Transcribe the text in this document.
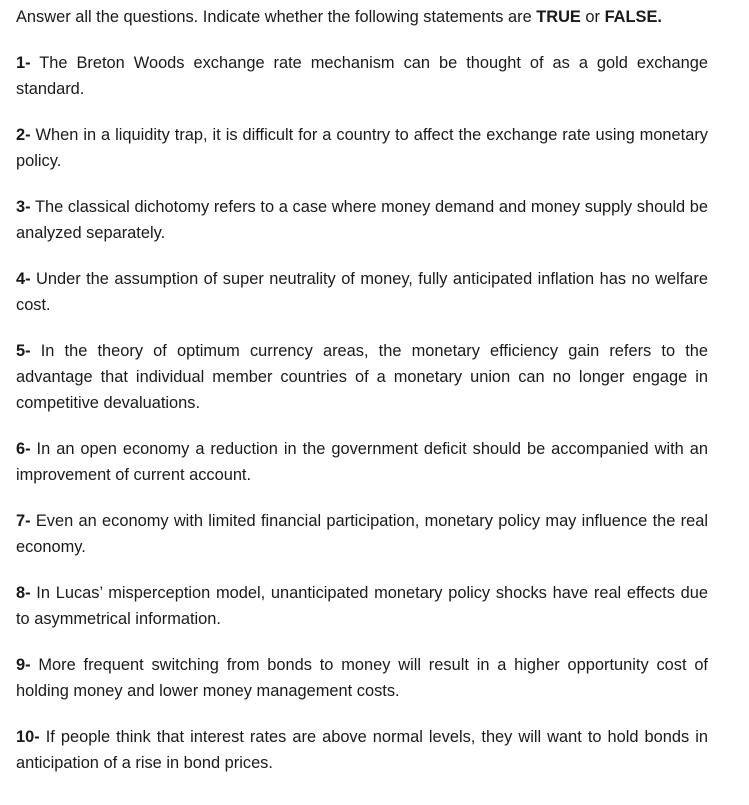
Answer all the questions. Indicate whether the following statements are TRUE or FALSE.

1- The Breton Woods exchange rate mechanism can be thought of as a gold exchange standard.

2- When in a liquidity trap, it is difficult for a country to affect the exchange rate using monetary policy.

3- The classical dichotomy refers to a case where money demand and money supply should be analyzed separately.

4- Under the assumption of super neutrality of money, fully anticipated inflation has no welfare cost.

5- In the theory of optimum currency areas, the monetary efficiency gain refers to the advantage that individual member countries of a monetary union can no longer engage in competitive devaluations.

6- In an open economy a reduction in the government deficit should be accompanied with an improvement of current account.

7- Even an economy with limited financial participation, monetary policy may influence the real economy.

8- In Lucas’ misperception model, unanticipated monetary policy shocks have real effects due to asymmetrical information.

9- More frequent switching from bonds to money will result in a higher opportunity cost of holding money and lower money management costs.

10- If people think that interest rates are above normal levels, they will want to hold bonds in anticipation of a rise in bond prices.
